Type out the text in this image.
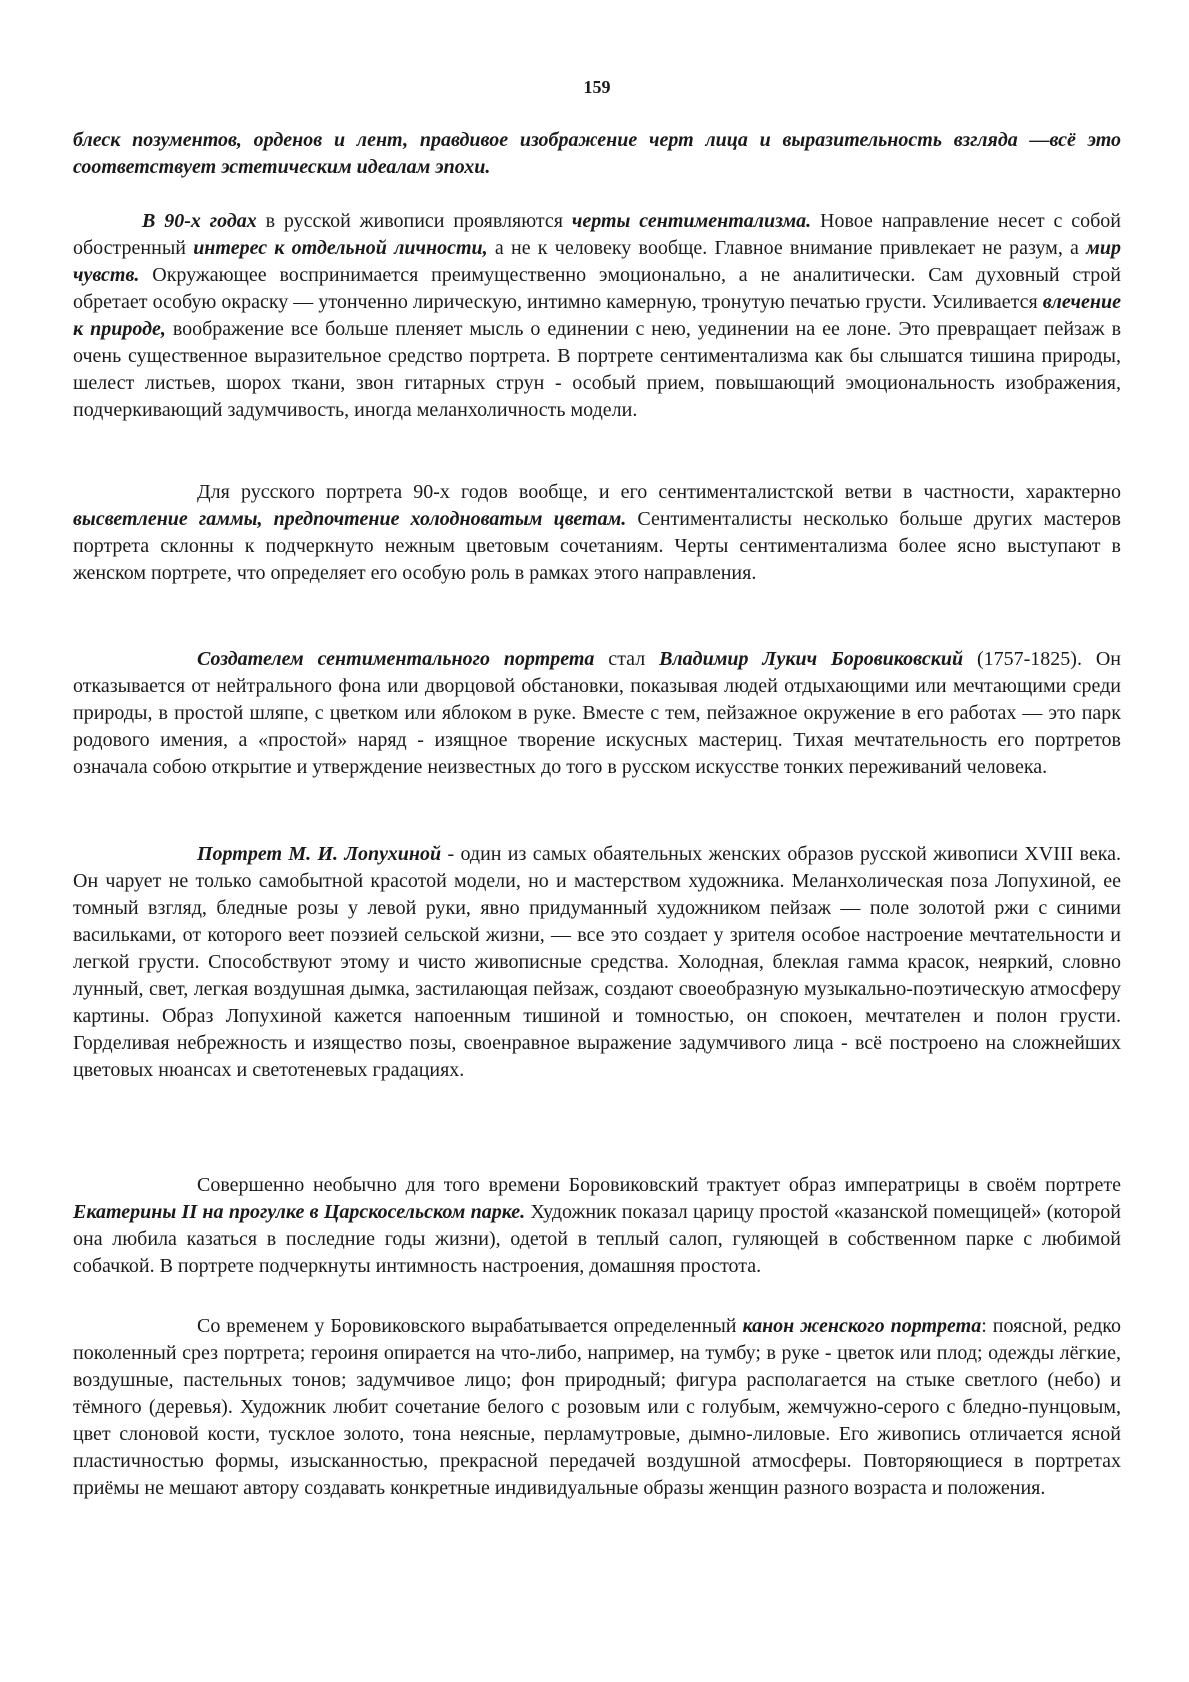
159

блеск позументов, орденов и лент, правдивое изображение черт лица и выразительность взгляда —всё это соответствует эстетическим идеалам эпохи.

В 90-х годах в русской живописи проявляются черты сентиментализма. Новое направление несет с собой обостренный интерес к отдельной личности, а не к человеку вообще. Главное внимание привлекает не разум, а мир чувств. Окружающее воспринимается преимущественно эмоционально, а не аналитически. Сам духовный строй обретает особую окраску — утонченно лирическую, интимно камерную, тронутую печатью грусти. Усиливается влечение к природе, воображение все больше пленяет мысль о единении с нею, уединении на ее лоне. Это превращает пейзаж в очень существенное выразительное средство портрета. В портрете сентиментализма как бы слышатся тишина природы, шелест листьев, шорох ткани, звон гитарных струн - особый прием, повышающий эмоциональность изображения, подчеркивающий задумчивость, иногда меланхоличность модели.

Для русского портрета 90-х годов вообще, и его сентименталистской ветви в частности, характерно высветление гаммы, предпочтение холодноватым цветам. Сентименталисты несколько больше других мастеров портрета склонны к подчеркнуто нежным цветовым сочетаниям. Черты сентиментализма более ясно выступают в женском портрете, что определяет его особую роль в рамках этого направления.

Создателем сентиментального портрета стал Владимир Лукич Боровиковский (1757-1825). Он отказывается от нейтрального фона или дворцовой обстановки, показывая людей отдыхающими или мечтающими среди природы, в простой шляпе, с цветком или яблоком в руке. Вместе с тем, пейзажное окружение в его работах — это парк родового имения, а «простой» наряд - изящное творение искусных мастериц. Тихая мечтательность его портретов означала собою открытие и утверждение неизвестных до того в русском искусстве тонких переживаний человека.

Портрет М. И. Лопухиной - один из самых обаятельных женских образов русской живописи XVIII века. Он чарует не только самобытной красотой модели, но и мастерством художника. Меланхолическая поза Лопухиной, ее томный взгляд, бледные розы у левой руки, явно придуманный художником пейзаж — поле золотой ржи с синими васильками, от которого веет поэзией сельской жизни, — все это создает у зрителя особое настроение мечтательности и легкой грусти. Способствуют этому и чисто живописные средства. Холодная, блеклая гамма красок, неяркий, словно лунный, свет, легкая воздушная дымка, застилающая пейзаж, создают своеобразную музыкально-поэтическую атмосферу картины. Образ Лопухиной кажется напоенным тишиной и томностью, он спокоен, мечтателен и полон грусти. Горделивая небрежность и изящество позы, своенравное выражение задумчивого лица - всё построено на сложнейших цветовых нюансах и светотеневых градациях.

Совершенно необычно для того времени Боровиковский трактует образ императрицы в своём портрете Екатерины II на прогулке в Царскосельском парке. Художник показал царицу простой «казанской помещицей» (которой она любила казаться в последние годы жизни), одетой в теплый салоп, гуляющей в собственном парке с любимой собачкой. В портрете подчеркнуты интимность настроения, домашняя простота.

Со временем у Боровиковского вырабатывается определенный канон женского портрета: поясной, редко поколенный срез портрета; героиня опирается на что-либо, например, на тумбу; в руке - цветок или плод; одежды лёгкие, воздушные, пастельных тонов; задумчивое лицо; фон природный; фигура располагается на стыке светлого (небо) и тёмного (деревья). Художник любит сочетание белого с розовым или с голубым, жемчужно-серого с бледно-пунцовым, цвет слоновой кости, тусклое золото, тона неясные, перламутровые, дымно-лиловые. Его живопись отличается ясной пластичностью формы, изысканностью, прекрасной передачей воздушной атмосферы. Повторяющиеся в портретах приёмы не мешают автору создавать конкретные индивидуальные образы женщин разного возраста и положения.
